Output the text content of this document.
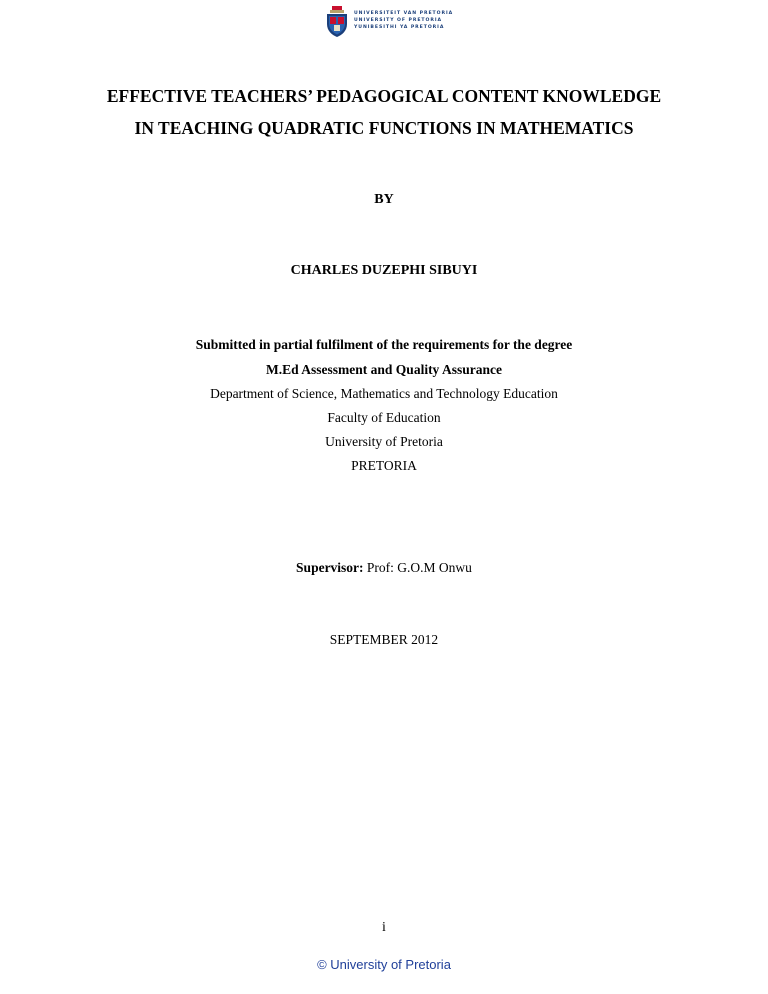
UNIVERSITEIT VAN PRETORIA
UNIVERSITY OF PRETORIA
YUNIBESITHI YA PRETORIA
EFFECTIVE TEACHERS’ PEDAGOGICAL CONTENT KNOWLEDGE
IN TEACHING QUADRATIC FUNCTIONS IN MATHEMATICS
BY
CHARLES DUZEPHI SIBUYI
Submitted in partial fulfilment of the requirements for the degree
M.Ed Assessment and Quality Assurance
Department of Science, Mathematics and Technology Education
Faculty of Education
University of Pretoria
PRETORIA
Supervisor: Prof: G.O.M Onwu
SEPTEMBER 2012
i
© University of Pretoria
